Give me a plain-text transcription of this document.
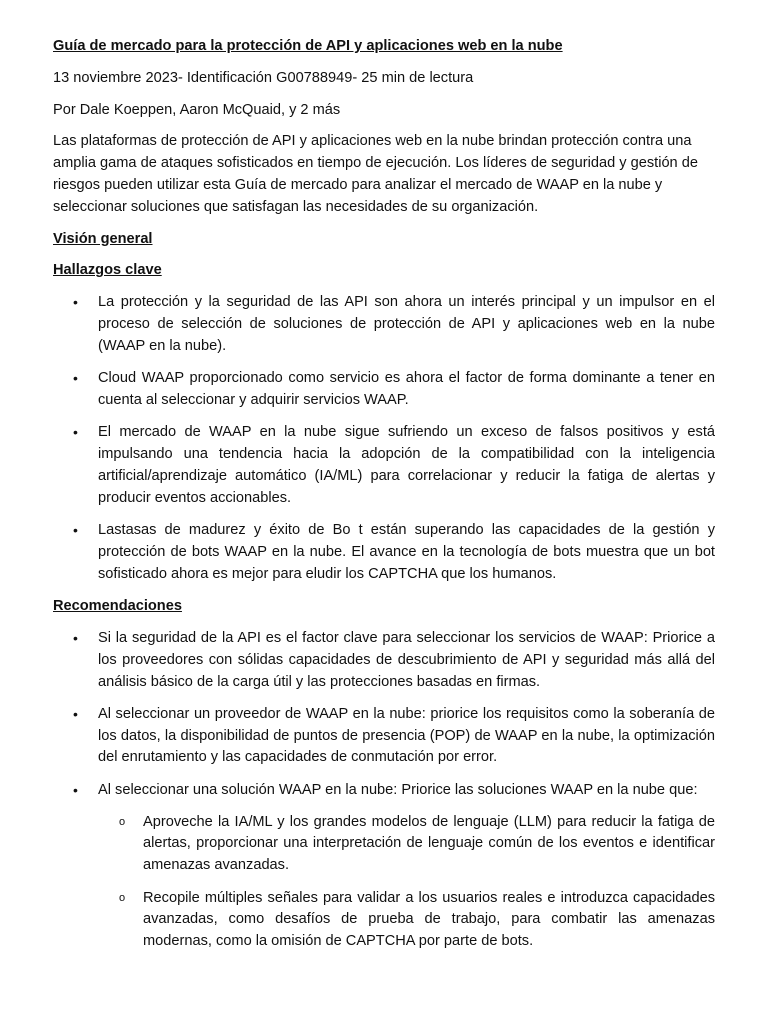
Guía de mercado para la protección de API y aplicaciones web en la nube

13 noviembre 2023- Identificación G00788949- 25 min de lectura

Por Dale Koeppen, Aaron McQuaid, y 2 más

Las plataformas de protección de API y aplicaciones web en la nube brindan protección contra una amplia gama de ataques sofisticados en tiempo de ejecución. Los líderes de seguridad y gestión de riesgos pueden utilizar esta Guía de mercado para analizar el mercado de WAAP en la nube y seleccionar soluciones que satisfagan las necesidades de su organización.

Visión general

Hallazgos clave

• La protección y la seguridad de las API son ahora un interés principal y un impulsor en el proceso de selección de soluciones de protección de API y aplicaciones web en la nube (WAAP en la nube).
• Cloud WAAP proporcionado como servicio es ahora el factor de forma dominante a tener en cuenta al seleccionar y adquirir servicios WAAP.
• El mercado de WAAP en la nube sigue sufriendo un exceso de falsos positivos y está impulsando una tendencia hacia la adopción de la compatibilidad con la inteligencia artificial/aprendizaje automático (IA/ML) para correlacionar y reducir la fatiga de alertas y producir eventos accionables.
• Lastasas de madurez y éxito de Bo t están superando las capacidades de la gestión y protección de bots WAAP en la nube. El avance en la tecnología de bots muestra que un bot sofisticado ahora es mejor para eludir los CAPTCHA que los humanos.

Recomendaciones

• Si la seguridad de la API es el factor clave para seleccionar los servicios de WAAP: Priorice a los proveedores con sólidas capacidades de descubrimiento de API y seguridad más allá del análisis básico de la carga útil y las protecciones basadas en firmas.
• Al seleccionar un proveedor de WAAP en la nube: priorice los requisitos como la soberanía de los datos, la disponibilidad de puntos de presencia (POP) de WAAP en la nube, la optimización del enrutamiento y las capacidades de conmutación por error.
• Al seleccionar una solución WAAP en la nube: Priorice las soluciones WAAP en la nube que:
o Aproveche la IA/ML y los grandes modelos de lenguaje (LLM) para reducir la fatiga de alertas, proporcionar una interpretación de lenguaje común de los eventos e identificar amenazas avanzadas.
o Recopile múltiples señales para validar a los usuarios reales e introduzca capacidades avanzadas, como desafíos de prueba de trabajo, para combatir las amenazas modernas, como la omisión de CAPTCHA por parte de bots.
